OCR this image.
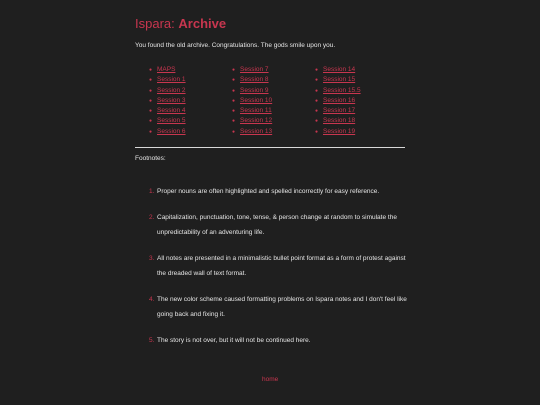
Ispara: Archive
You found the old archive. Congratulations. The gods smile upon you.
● MAPS
● Session 1
● Session 2
● Session 3
● Session 4
● Session 5
● Session 6
● Session 7
● Session 8
● Session 9
● Session 10
● Session 11
● Session 12
● Session 13
● Session 14
● Session 15
● Session 15.5
● Session 16
● Session 17
● Session 18
● Session 19
Footnotes:
1. Proper nouns are often highlighted and spelled incorrectly for easy reference.
2. Capitalization, punctuation, tone, tense, & person change at random to simulate the unpredictability of an adventuring life.
3. All notes are presented in a minimalistic bullet point format as a form of protest against the dreaded wall of text format.
4. The new color scheme caused formatting problems on Ispara notes and I don't feel like going back and fixing it.
5. The story is not over, but it will not be continued here.
home
